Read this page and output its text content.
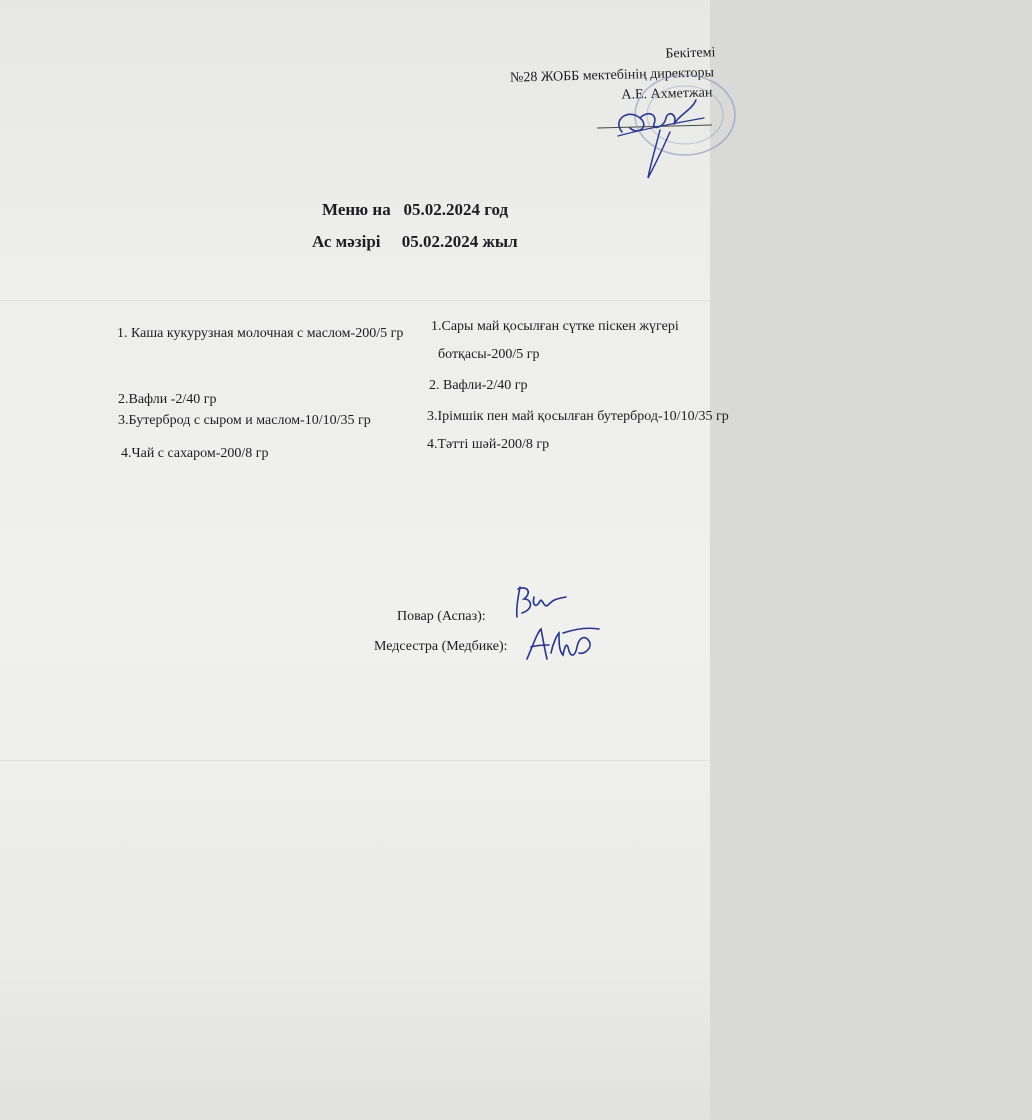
Бекітемі
№28 ЖОББ мектебінің директоры
А.Е. Ахметжан
Меню на 05.02.2024 год
Ас мәзірі 05.02.2024 жыл
1. Каша кукурузная молочная с маслом-200/5 гр
2.Вафли -2/40 гр
3.Бутерброд с сыром и маслом-10/10/35 гр
4.Чай с сахаром-200/8 гр
1.Сары май қосылған сүтке піскен жүгері
ботқасы-200/5 гр
2. Вафли-2/40 гр
3.Ірімшік пен май қосылған бутерброд-10/10/35 гр
4.Тәтті шәй-200/8 гр
Повар (Аспаз):
Медсестра (Медбике):
